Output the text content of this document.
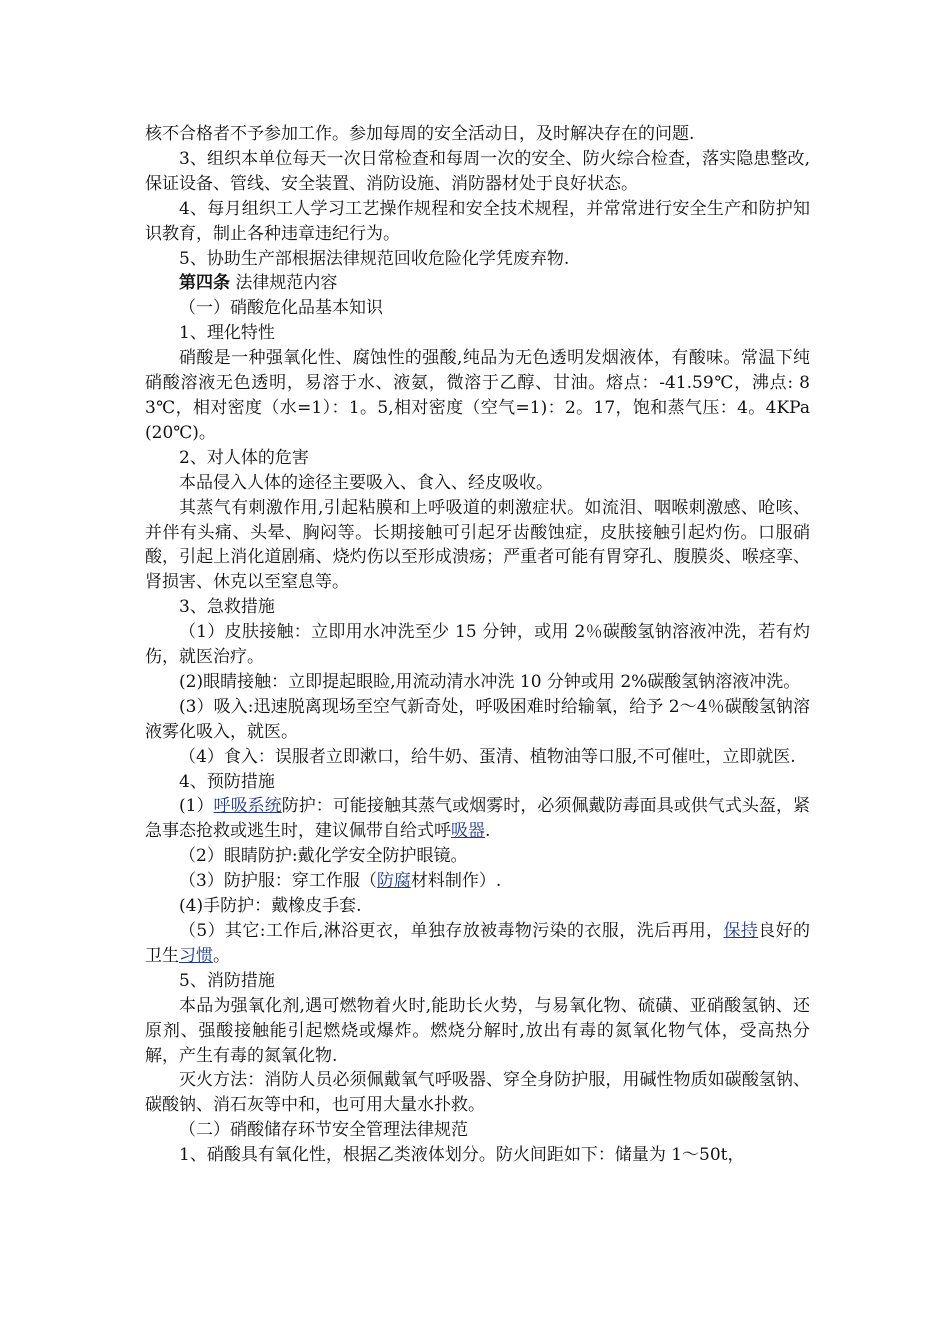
核不合格者不予参加工作。参加每周的安全活动日，及时解决存在的问题.

3、组织本单位每天一次日常检查和每周一次的安全、防火综合检查，落实隐患整改,保证设备、管线、安全装置、消防设施、消防器材处于良好状态。

4、每月组织工人学习工艺操作规程和安全技术规程，并常常进行安全生产和防护知识教育，制止各种违章违纪行为。

5、协助生产部根据法律规范回收危险化学凭废弃物.

第四条 法律规范内容

（一）硝酸危化品基本知识

1、理化特性

硝酸是一种强氧化性、腐蚀性的强酸,纯品为无色透明发烟液体，有酸味。常温下纯硝酸溶液无色透明，易溶于水、液氨，微溶于乙醇、甘油。熔点：-41.59℃，沸点: 83℃，相对密度（水=1）：1。5,相对密度（空气=1)：2。17，饱和蒸气压：4。4KPa(20℃)。

2、对人体的危害

本品侵入人体的途径主要吸入、食入、经皮吸收。

其蒸气有刺激作用,引起粘膜和上呼吸道的刺激症状。如流泪、咽喉刺激感、呛咳、并伴有头痛、头晕、胸闷等。长期接触可引起牙齿酸蚀症，皮肤接触引起灼伤。口服硝酸，引起上消化道剧痛、烧灼伤以至形成溃疡；严重者可能有胃穿孔、腹膜炎、喉痉挛、肾损害、休克以至窒息等。

3、急救措施

（1）皮肤接触：立即用水冲洗至少 15 分钟，或用 2％碳酸氢钠溶液冲洗，若有灼伤，就医治疗。

(2)眼睛接触：立即提起眼睑,用流动清水冲洗 10 分钟或用 2%碳酸氢钠溶液冲洗。

(3）吸入:迅速脱离现场至空气新奇处，呼吸困难时给输氧，给予 2～4％碳酸氢钠溶液雾化吸入，就医。

（4）食入：误服者立即漱口，给牛奶、蛋清、植物油等口服,不可催吐，立即就医.

4、预防措施

(1）呼吸系统防护：可能接触其蒸气或烟雾时，必须佩戴防毒面具或供气式头盔，紧急事态抢救或逃生时，建议佩带自给式呼吸器.

（2）眼睛防护:戴化学安全防护眼镜。

（3）防护服：穿工作服（防腐材料制作）.

(4)手防护：戴橡皮手套.

（5）其它:工作后,淋浴更衣，单独存放被毒物污染的衣服，洗后再用，保持良好的卫生习惯。

5、消防措施

本品为强氧化剂,遇可燃物着火时,能助长火势，与易氧化物、硫磺、亚硝酸氢钠、还原剂、强酸接触能引起燃烧或爆炸。燃烧分解时,放出有毒的氮氧化物气体，受高热分解，产生有毒的氮氧化物.

灭火方法：消防人员必须佩戴氧气呼吸器、穿全身防护服，用碱性物质如碳酸氢钠、碳酸钠、消石灰等中和，也可用大量水扑救。

（二）硝酸储存环节安全管理法律规范

1、硝酸具有氧化性，根据乙类液体划分。防火间距如下：储量为 1～50t，
